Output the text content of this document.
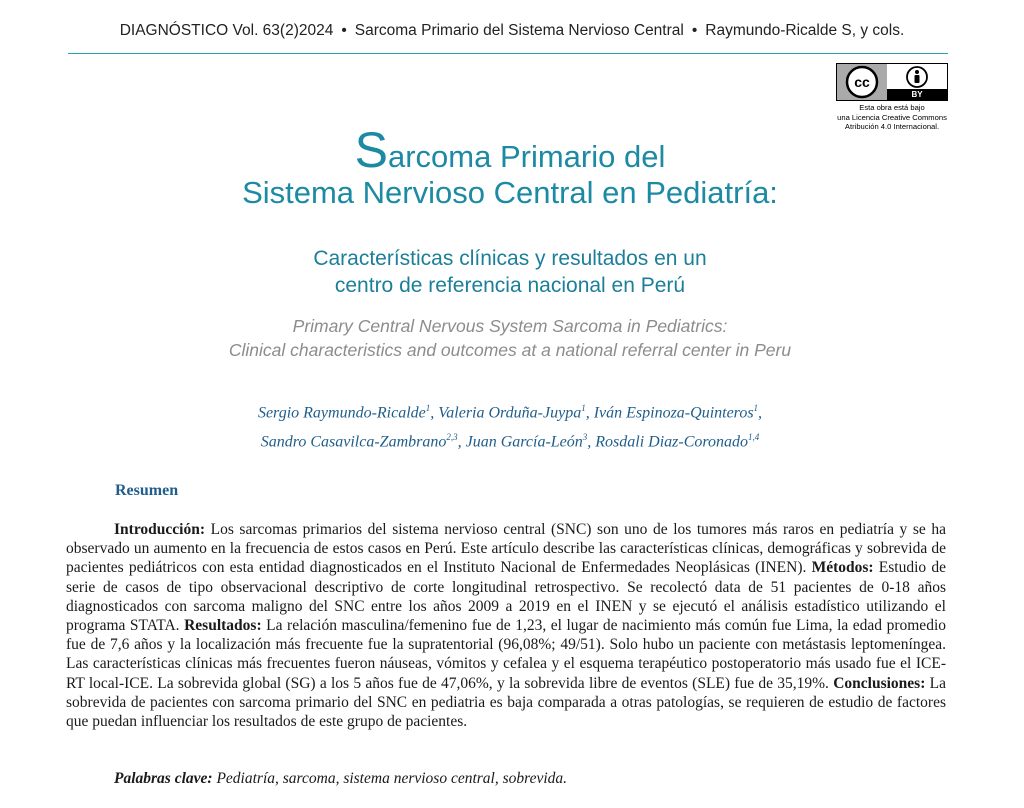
DIAGNÓSTICO Vol. 63(2)2024 • Sarcoma Primario del Sistema Nervioso Central • Raymundo-Ricalde S, y cols.
cc
BY
Esta obra está bajo
una Licencia Creative Commons
Atribución 4.0 Internacional.
Sarcoma Primario del
Sistema Nervioso Central en Pediatría:
Características clínicas y resultados en un
centro de referencia nacional en Perú
Primary Central Nervous System Sarcoma in Pediatrics:
Clinical characteristics and outcomes at a national referral center in Peru
Sergio Raymundo-Ricalde$^1$, Valeria Orduña-Juypa$^1$, Iván Espinoza-Quinteros$^1$,
Sandro Casavilca-Zambrano$^{2,3}$, Juan García-León$^3$, Rosdali Diaz-Coronado$^{1,4}$
Resumen
Introducción: Los sarcomas primarios del sistema nervioso central (SNC) son uno de los tumores más raros en pediatría y se ha observado un aumento en la frecuencia de estos casos en Perú. Este artículo describe las características clínicas, demográficas y sobrevida de pacientes pediátricos con esta entidad diagnosticados en el Instituto Nacional de Enfermedades Neoplásicas (INEN). Métodos: Estudio de serie de casos de tipo observacional descriptivo de corte longitudinal retrospectivo. Se recolectó data de 51 pacientes de 0-18 años diagnosticados con sarcoma maligno del SNC entre los años 2009 a 2019 en el INEN y se ejecutó el análisis estadístico utilizando el programa STATA. Resultados: La relación masculina/femenino fue de 1,23, el lugar de nacimiento más común fue Lima, la edad promedio fue de 7,6 años y la localización más frecuente fue la supratentorial (96,08%; 49/51). Solo hubo un paciente con metástasis leptomeníngea. Las características clínicas más frecuentes fueron náuseas, vómitos y cefalea y el esquema terapéutico postoperatorio más usado fue el ICE-RT local-ICE. La sobrevida global (SG) a los 5 años fue de 47,06%, y la sobrevida libre de eventos (SLE) fue de 35,19%. Conclusiones: La sobrevida de pacientes con sarcoma primario del SNC en pediatria es baja comparada a otras patologías, se requieren de estudio de factores que puedan influenciar los resultados de este grupo de pacientes.
Palabras clave: Pediatría, sarcoma, sistema nervioso central, sobrevida.
